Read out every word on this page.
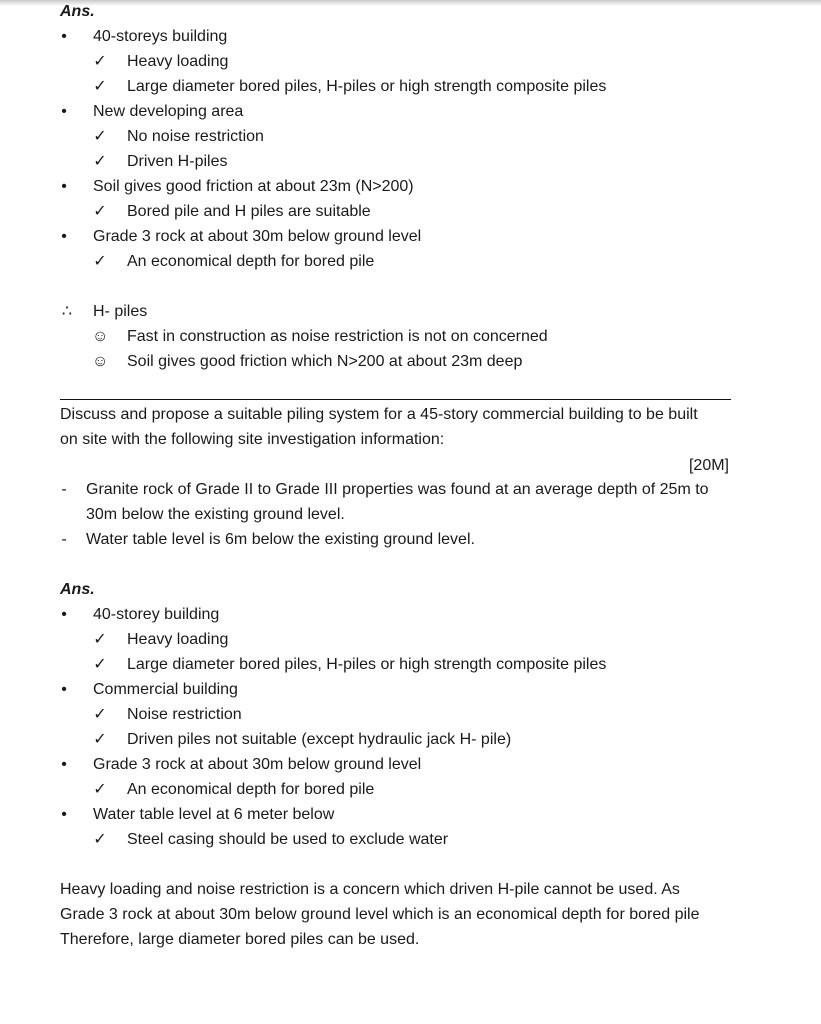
Ans.
• 40-storeys building
✓ Heavy loading
✓ Large diameter bored piles, H-piles or high strength composite piles
• New developing area
✓ No noise restriction
✓ Driven H-piles
• Soil gives good friction at about 23m (N>200)
✓ Bored pile and H piles are suitable
• Grade 3 rock at about 30m below ground level
✓ An economical depth for bored pile
∴ H- piles
☺ Fast in construction as noise restriction is not on concerned
☺ Soil gives good friction which N>200 at about 23m deep
Discuss and propose a suitable piling system for a 45-story commercial building to be built
on site with the following site investigation information:
[20M]
- Granite rock of Grade II to Grade III properties was found at an average depth of 25m to
30m below the existing ground level.
- Water table level is 6m below the existing ground level.
Ans.
• 40-storey building
✓ Heavy loading
✓ Large diameter bored piles, H-piles or high strength composite piles
• Commercial building
✓ Noise restriction
✓ Driven piles not suitable (except hydraulic jack H- pile)
• Grade 3 rock at about 30m below ground level
✓ An economical depth for bored pile
• Water table level at 6 meter below
✓ Steel casing should be used to exclude water
Heavy loading and noise restriction is a concern which driven H-pile cannot be used. As
Grade 3 rock at about 30m below ground level which is an economical depth for bored pile
Therefore, large diameter bored piles can be used.
